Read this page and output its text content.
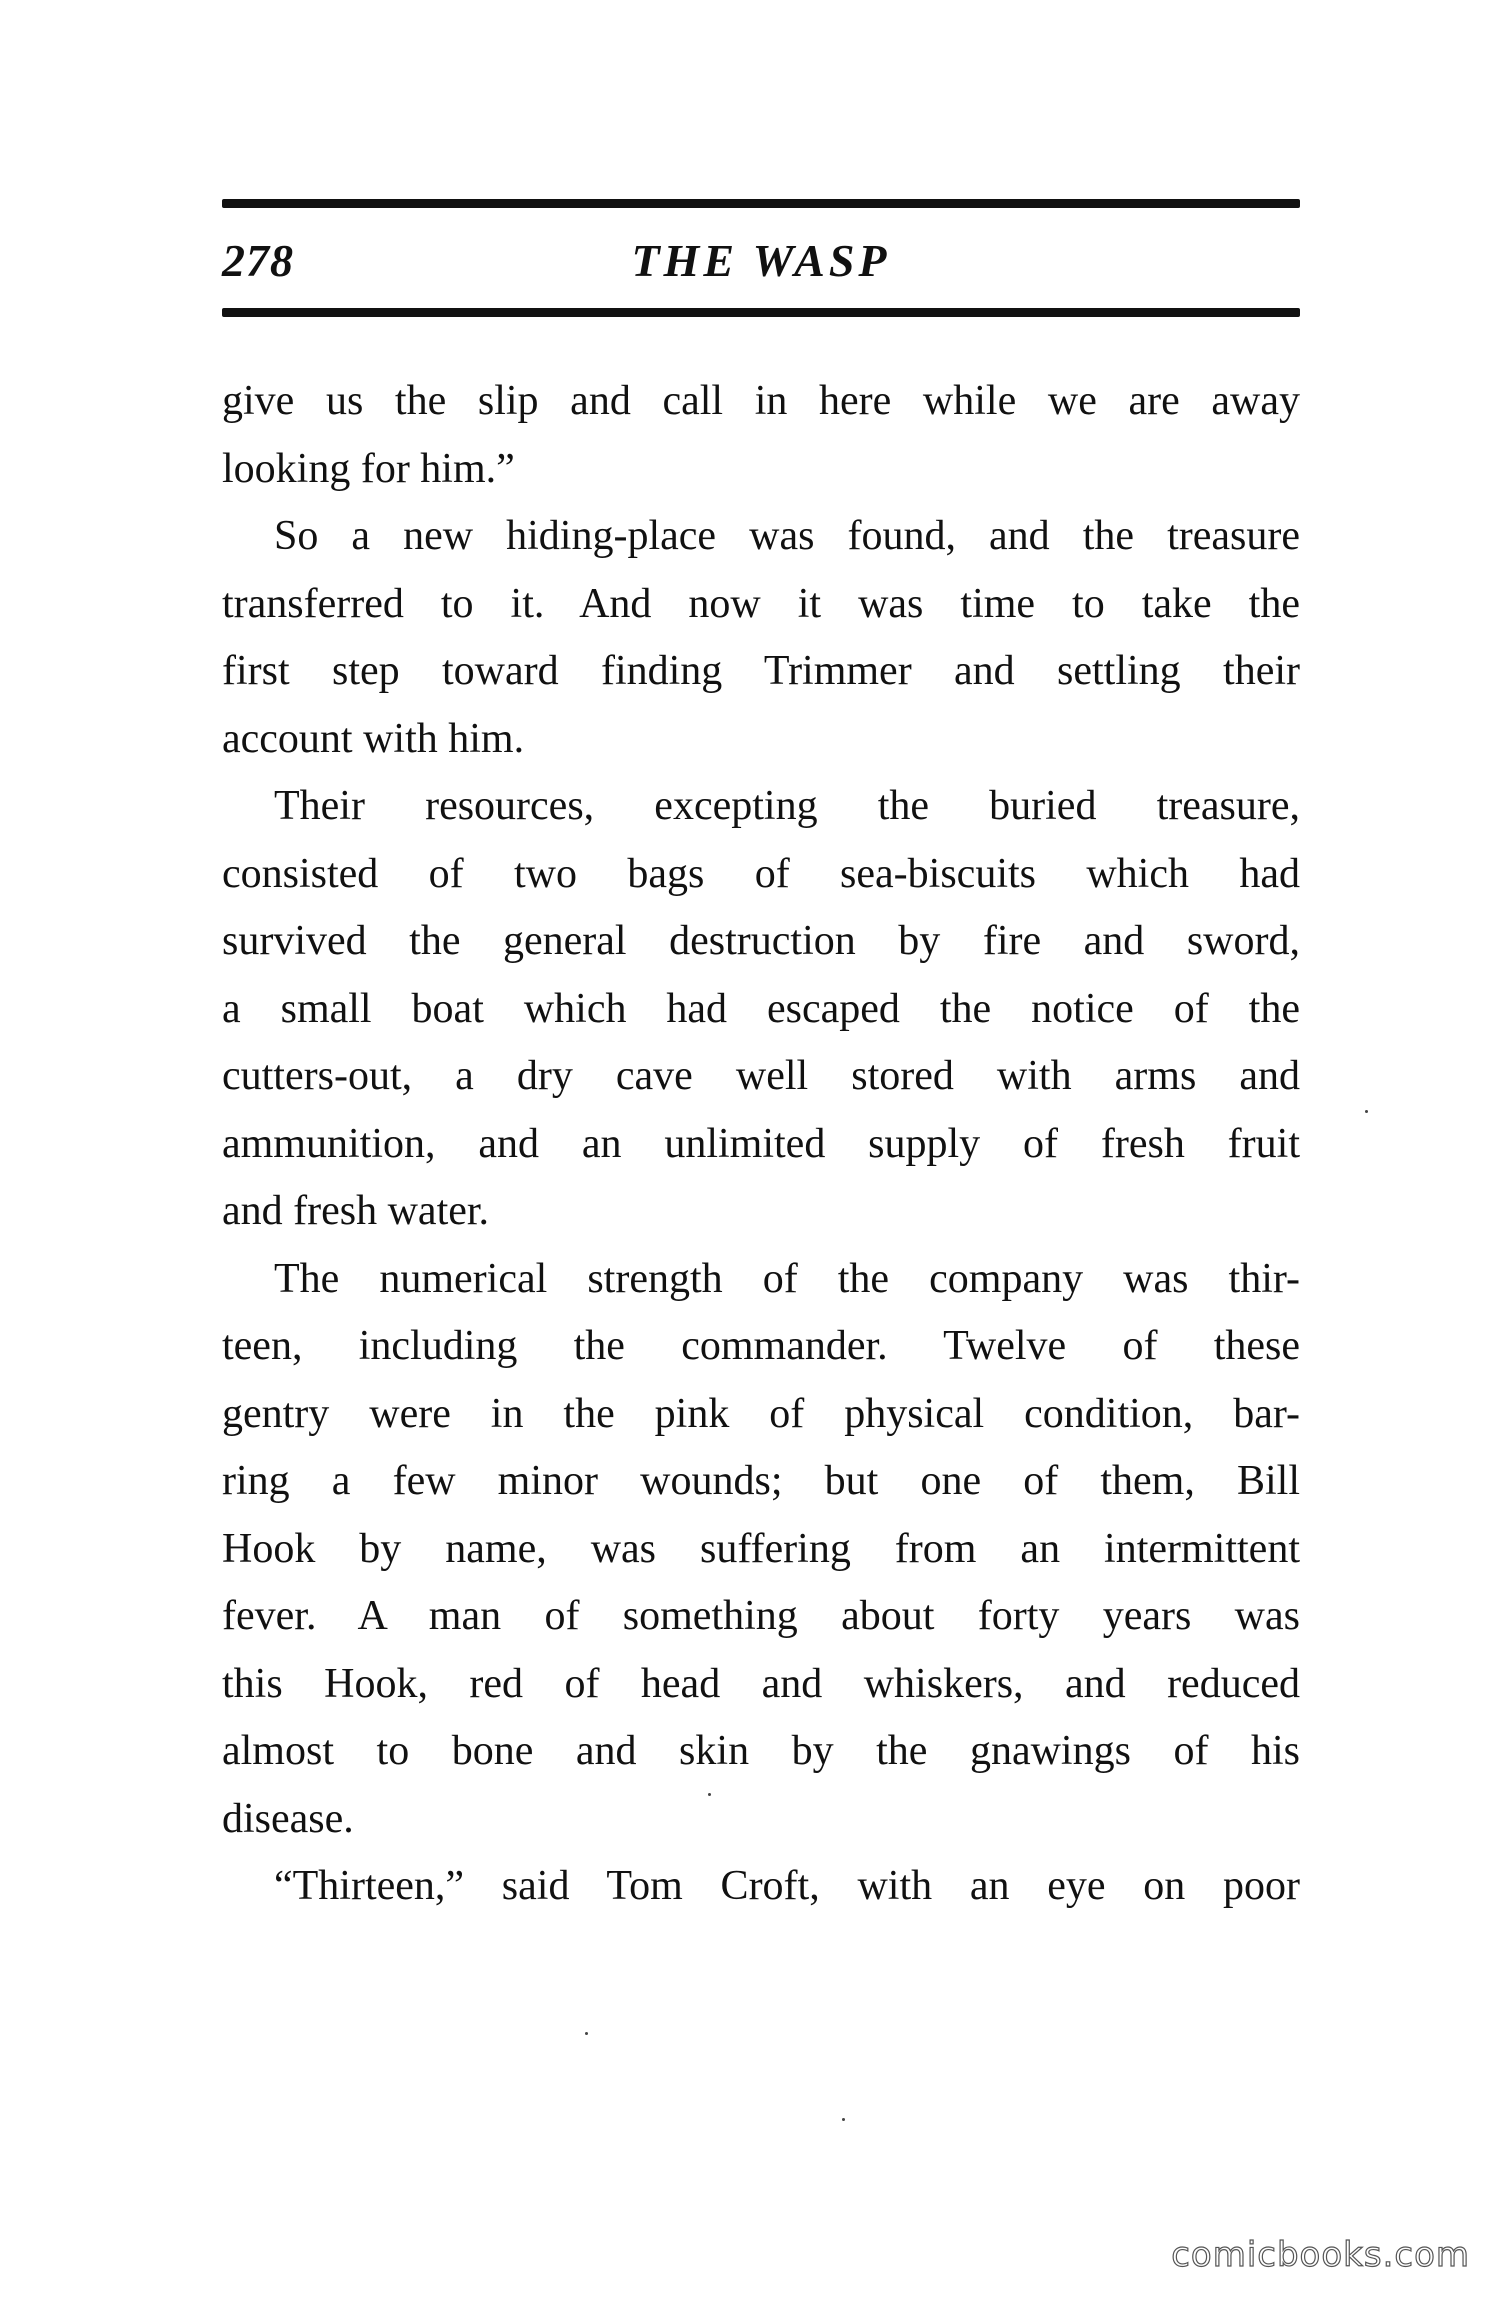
278	THE WASP
give us the slip and call in here while we are away
looking for him.”
So a new hiding-place was found, and the treasure
transferred to it. And now it was time to take the
first step toward finding Trimmer and settling their
account with him.
Their resources, excepting the buried treasure,
consisted of two bags of sea-biscuits which had
survived the general destruction by fire and sword,
a small boat which had escaped the notice of the
cutters-out, a dry cave well stored with arms and
ammunition, and an unlimited supply of fresh fruit
and fresh water.
The numerical strength of the company was thir-
teen, including the commander. Twelve of these
gentry were in the pink of physical condition, bar-
ring a few minor wounds; but one of them, Bill
Hook by name, was suffering from an intermittent
fever. A man of something about forty years was
this Hook, red of head and whiskers, and reduced
almost to bone and skin by the gnawings of his
disease.
“Thirteen,” said Tom Croft, with an eye on poor
comicbooks.com
